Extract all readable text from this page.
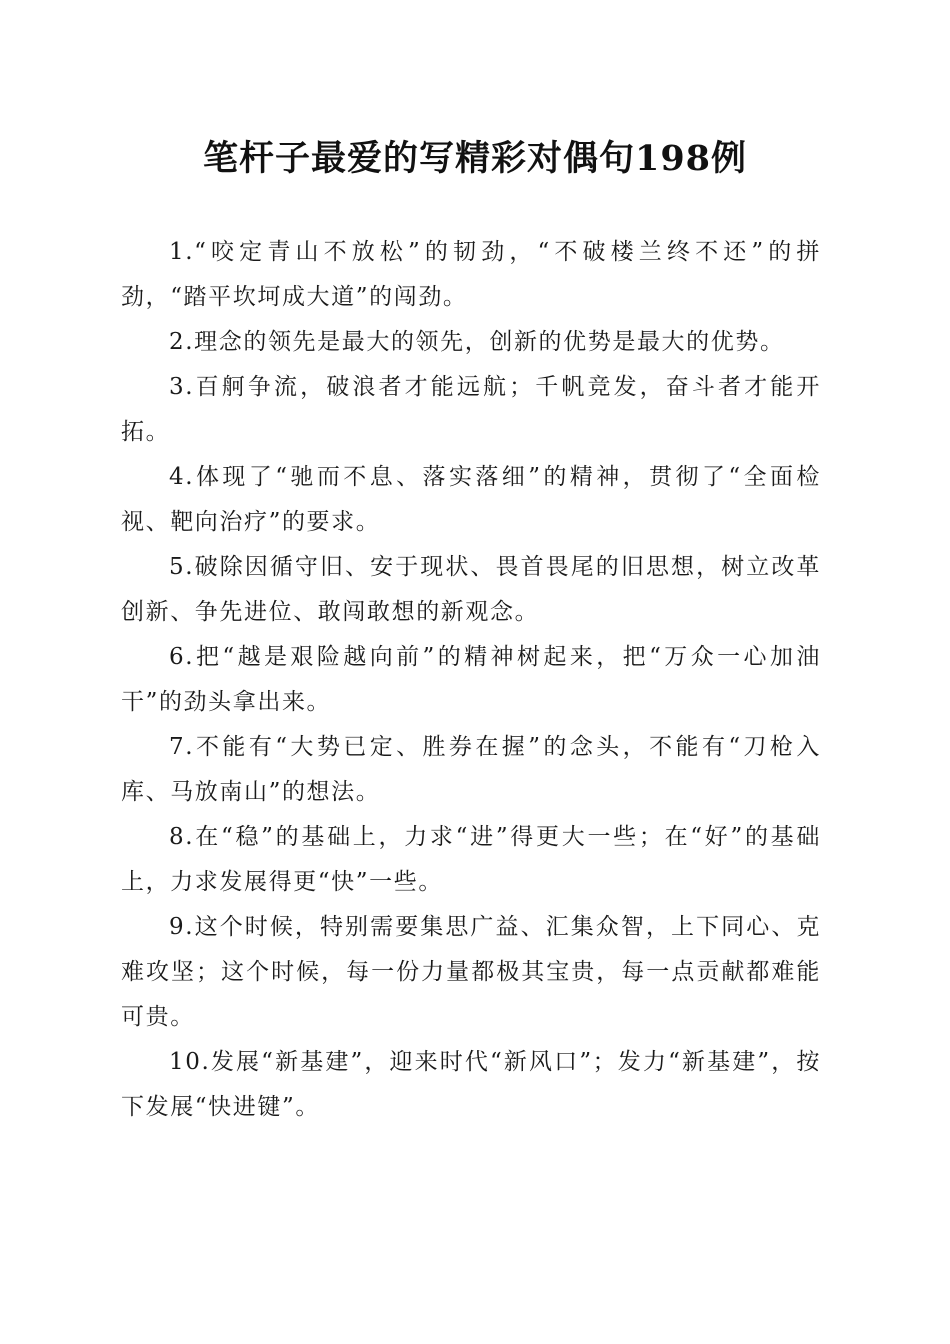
笔杆子最爱的写精彩对偶句198例

1.“咬定青山不放松”的韧劲，“不破楼兰终不还”的拼劲，“踏平坎坷成大道”的闯劲。

2.理念的领先是最大的领先，创新的优势是最大的优势。

3.百舸争流，破浪者才能远航；千帆竞发，奋斗者才能开拓。

4.体现了“驰而不息、落实落细”的精神，贯彻了“全面检视、靶向治疗”的要求。

5.破除因循守旧、安于现状、畏首畏尾的旧思想，树立改革创新、争先进位、敢闯敢想的新观念。

6.把“越是艰险越向前”的精神树起来，把“万众一心加油干”的劲头拿出来。

7.不能有“大势已定、胜券在握”的念头，不能有“刀枪入库、马放南山”的想法。

8.在“稳”的基础上，力求“进”得更大一些；在“好”的基础上，力求发展得更“快”一些。

9.这个时候，特别需要集思广益、汇集众智，上下同心、克难攻坚；这个时候，每一份力量都极其宝贵，每一点贡献都难能可贵。

10.发展“新基建”，迎来时代“新风口”；发力“新基建”，按下发展“快进键”。
